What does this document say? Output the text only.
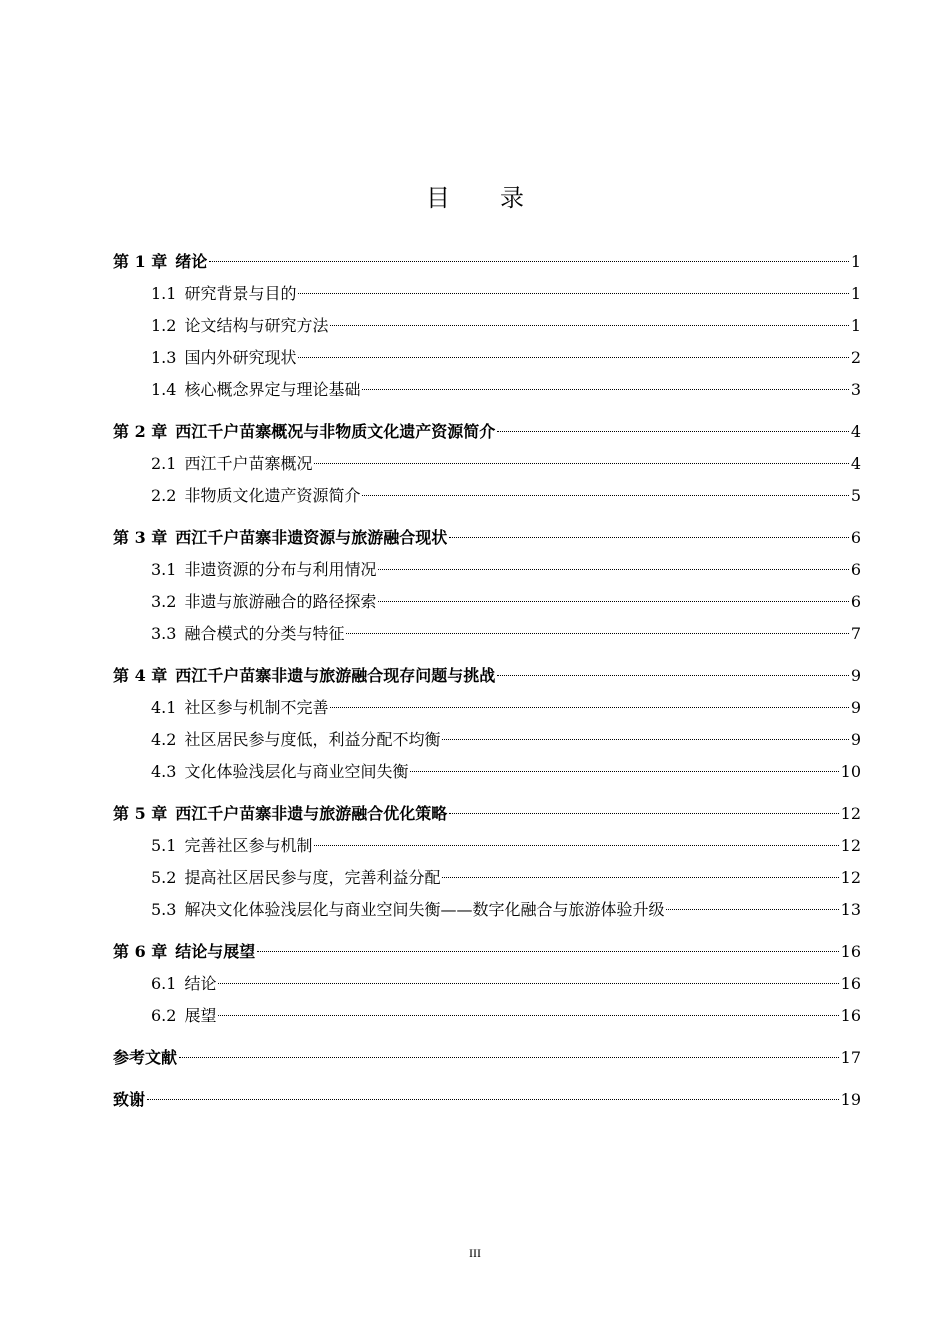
目 录
第 1 章 绪论	1
1.1 研究背景与目的	1
1.2 论文结构与研究方法	1
1.3 国内外研究现状	2
1.4 核心概念界定与理论基础	3
第 2 章 西江千户苗寨概况与非物质文化遗产资源简介	4
2.1 西江千户苗寨概况	4
2.2 非物质文化遗产资源简介	5
第 3 章 西江千户苗寨非遗资源与旅游融合现状	6
3.1 非遗资源的分布与利用情况	6
3.2 非遗与旅游融合的路径探索	6
3.3 融合模式的分类与特征	7
第 4 章 西江千户苗寨非遗与旅游融合现存问题与挑战	9
4.1 社区参与机制不完善	9
4.2 社区居民参与度低，利益分配不均衡	9
4.3 文化体验浅层化与商业空间失衡	10
第 5 章 西江千户苗寨非遗与旅游融合优化策略	12
5.1 完善社区参与机制	12
5.2 提高社区居民参与度，完善利益分配	12
5.3 解决文化体验浅层化与商业空间失衡——数字化融合与旅游体验升级	13
第 6 章 结论与展望	16
6.1 结论	16
6.2 展望	16
参考文献	17
致谢	19
III
